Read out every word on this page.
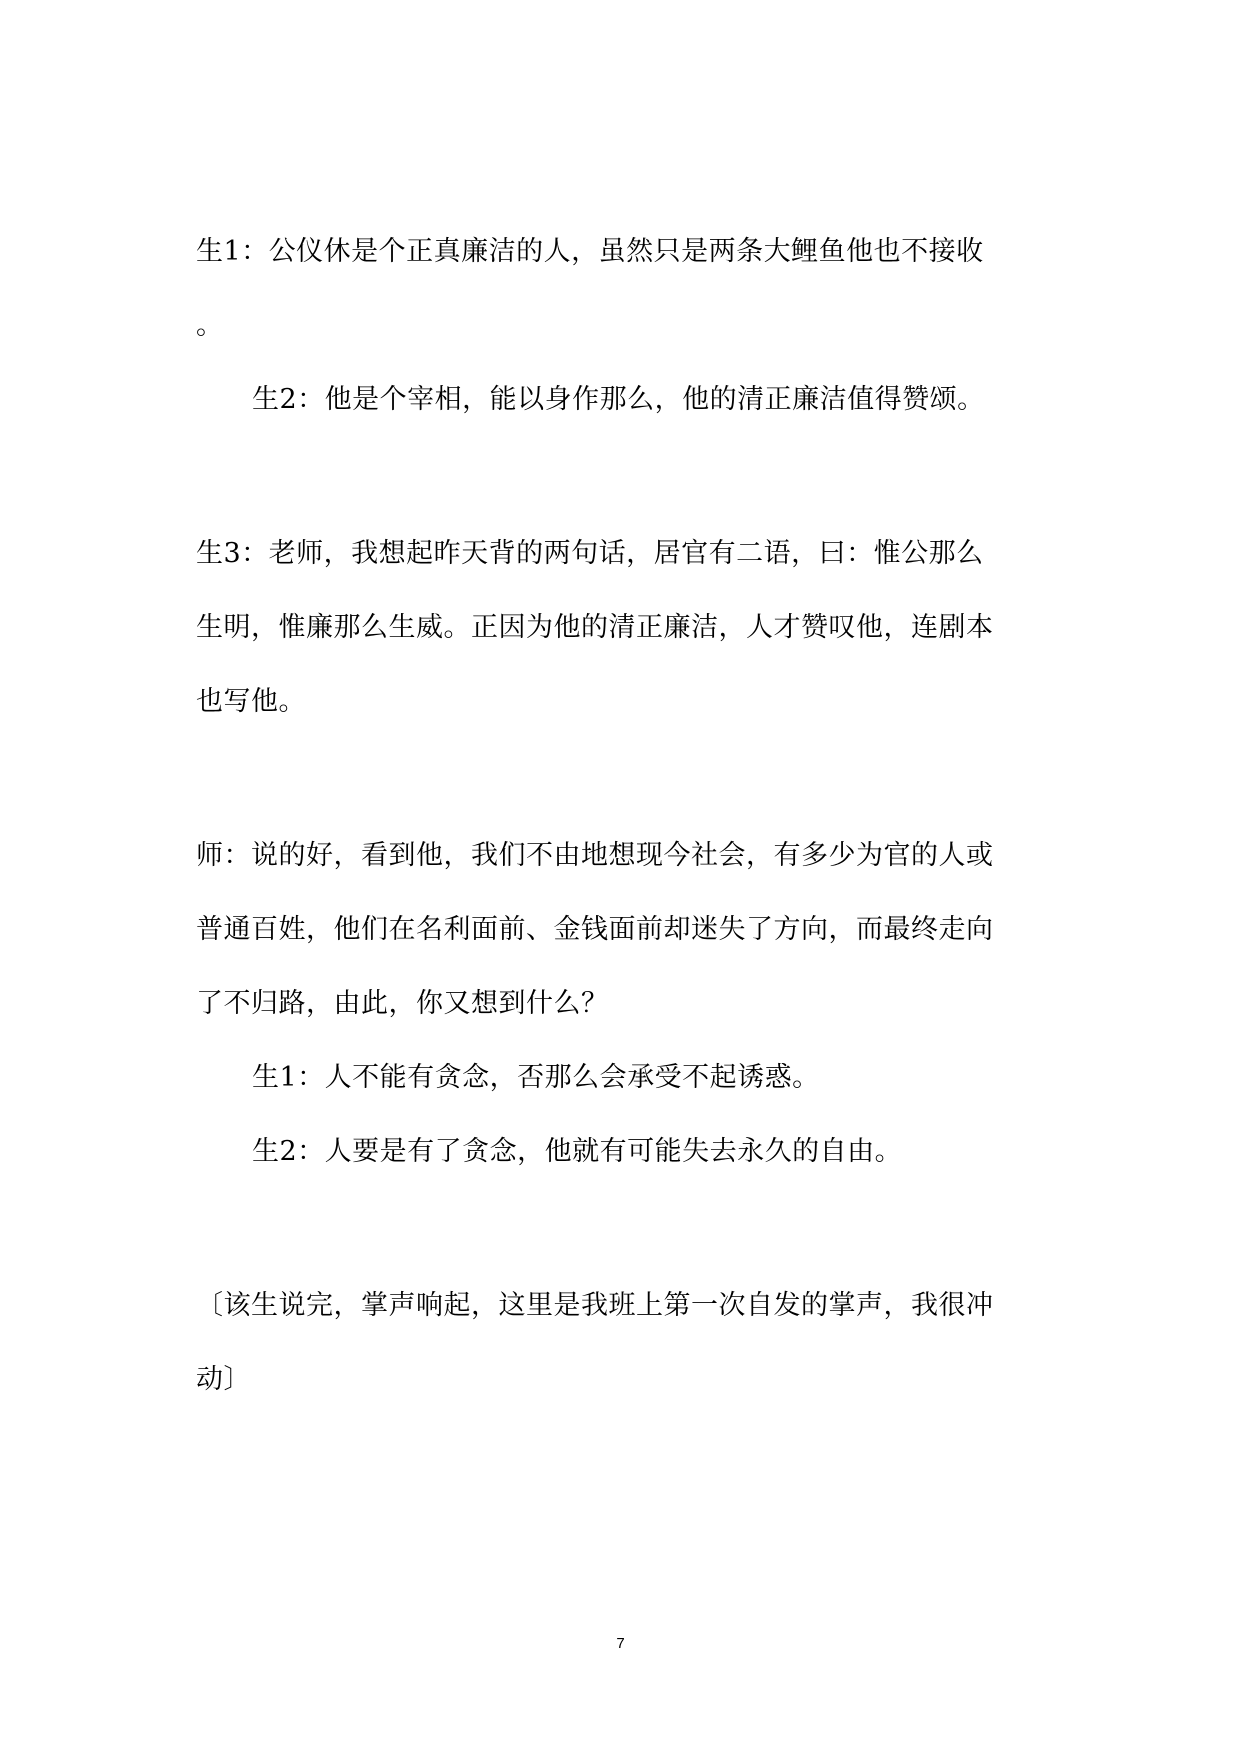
生1：公仪休是个正真廉洁的人，虽然只是两条大鲤鱼他也不接收
。
生2：他是个宰相，能以身作那么，他的清正廉洁值得赞颂。
生3：老师，我想起昨天背的两句话，居官有二语，曰：惟公那么
生明，惟廉那么生威。正因为他的清正廉洁，人才赞叹他，连剧本
也写他。
师：说的好，看到他，我们不由地想现今社会，有多少为官的人或
普通百姓，他们在名利面前、金钱面前却迷失了方向，而最终走向
了不归路，由此，你又想到什么？
生1：人不能有贪念，否那么会承受不起诱惑。
生2：人要是有了贪念，他就有可能失去永久的自由。
〔该生说完，掌声响起，这里是我班上第一次自发的掌声，我很冲
动〕
7
